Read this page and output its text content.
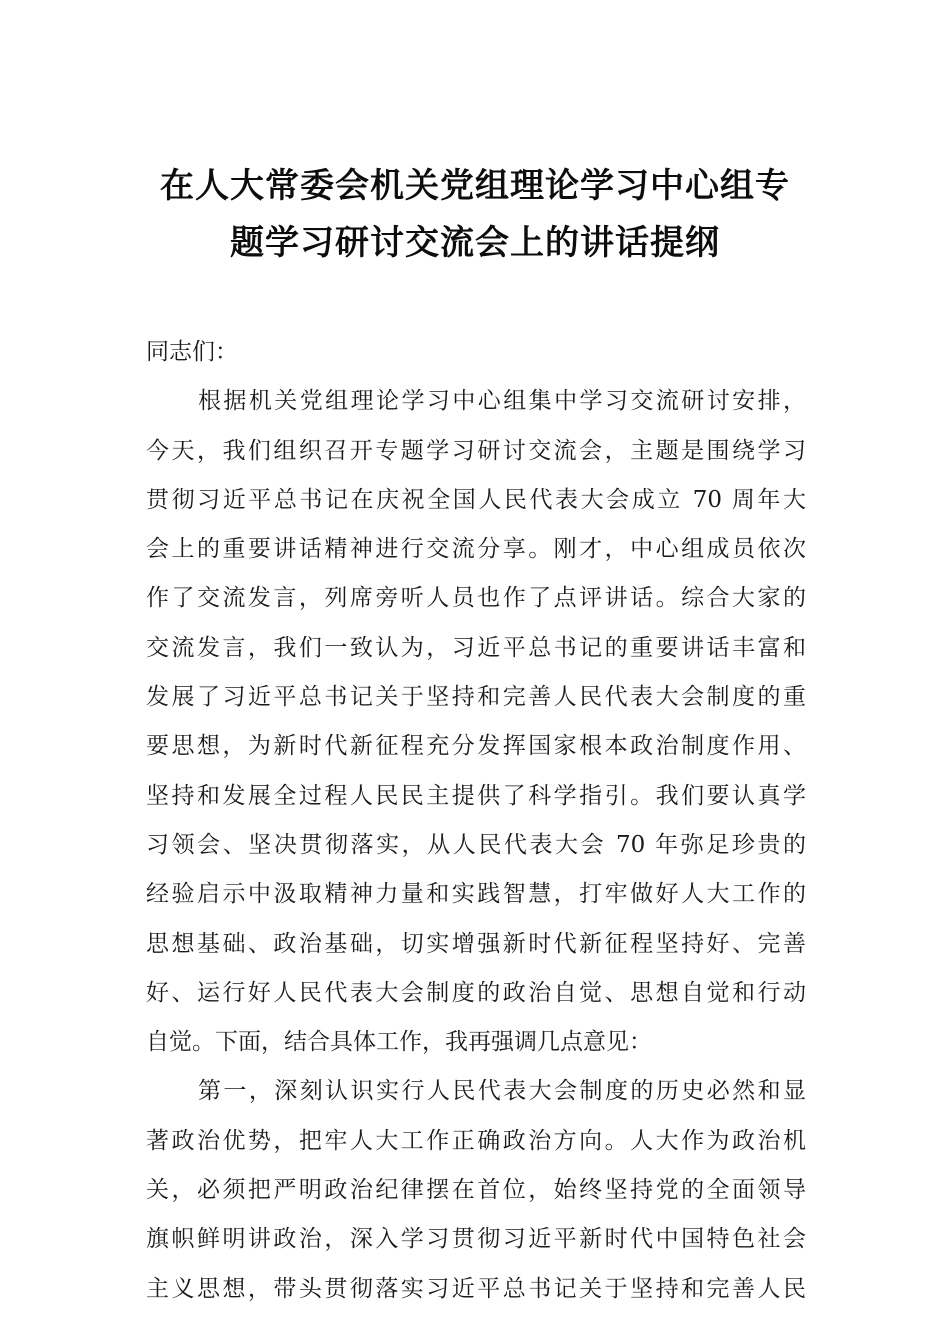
在人大常委会机关党组理论学习中心组专
题学习研讨交流会上的讲话提纲
同志们：
根据机关党组理论学习中心组集中学习交流研讨安排，
今天，我们组织召开专题学习研讨交流会，主题是围绕学习
贯彻习近平总书记在庆祝全国人民代表大会成立 70 周年大
会上的重要讲话精神进行交流分享。刚才，中心组成员依次
作了交流发言，列席旁听人员也作了点评讲话。综合大家的
交流发言，我们一致认为，习近平总书记的重要讲话丰富和
发展了习近平总书记关于坚持和完善人民代表大会制度的重
要思想，为新时代新征程充分发挥国家根本政治制度作用、
坚持和发展全过程人民民主提供了科学指引。我们要认真学
习领会、坚决贯彻落实，从人民代表大会 70 年弥足珍贵的
经验启示中汲取精神力量和实践智慧，打牢做好人大工作的
思想基础、政治基础，切实增强新时代新征程坚持好、完善
好、运行好人民代表大会制度的政治自觉、思想自觉和行动
自觉。下面，结合具体工作，我再强调几点意见：
第一，深刻认识实行人民代表大会制度的历史必然和显
著政治优势，把牢人大工作正确政治方向。人大作为政治机
关，必须把严明政治纪律摆在首位，始终坚持党的全面领导
旗帜鲜明讲政治，深入学习贯彻习近平新时代中国特色社会
主义思想，带头贯彻落实习近平总书记关于坚持和完善人民
